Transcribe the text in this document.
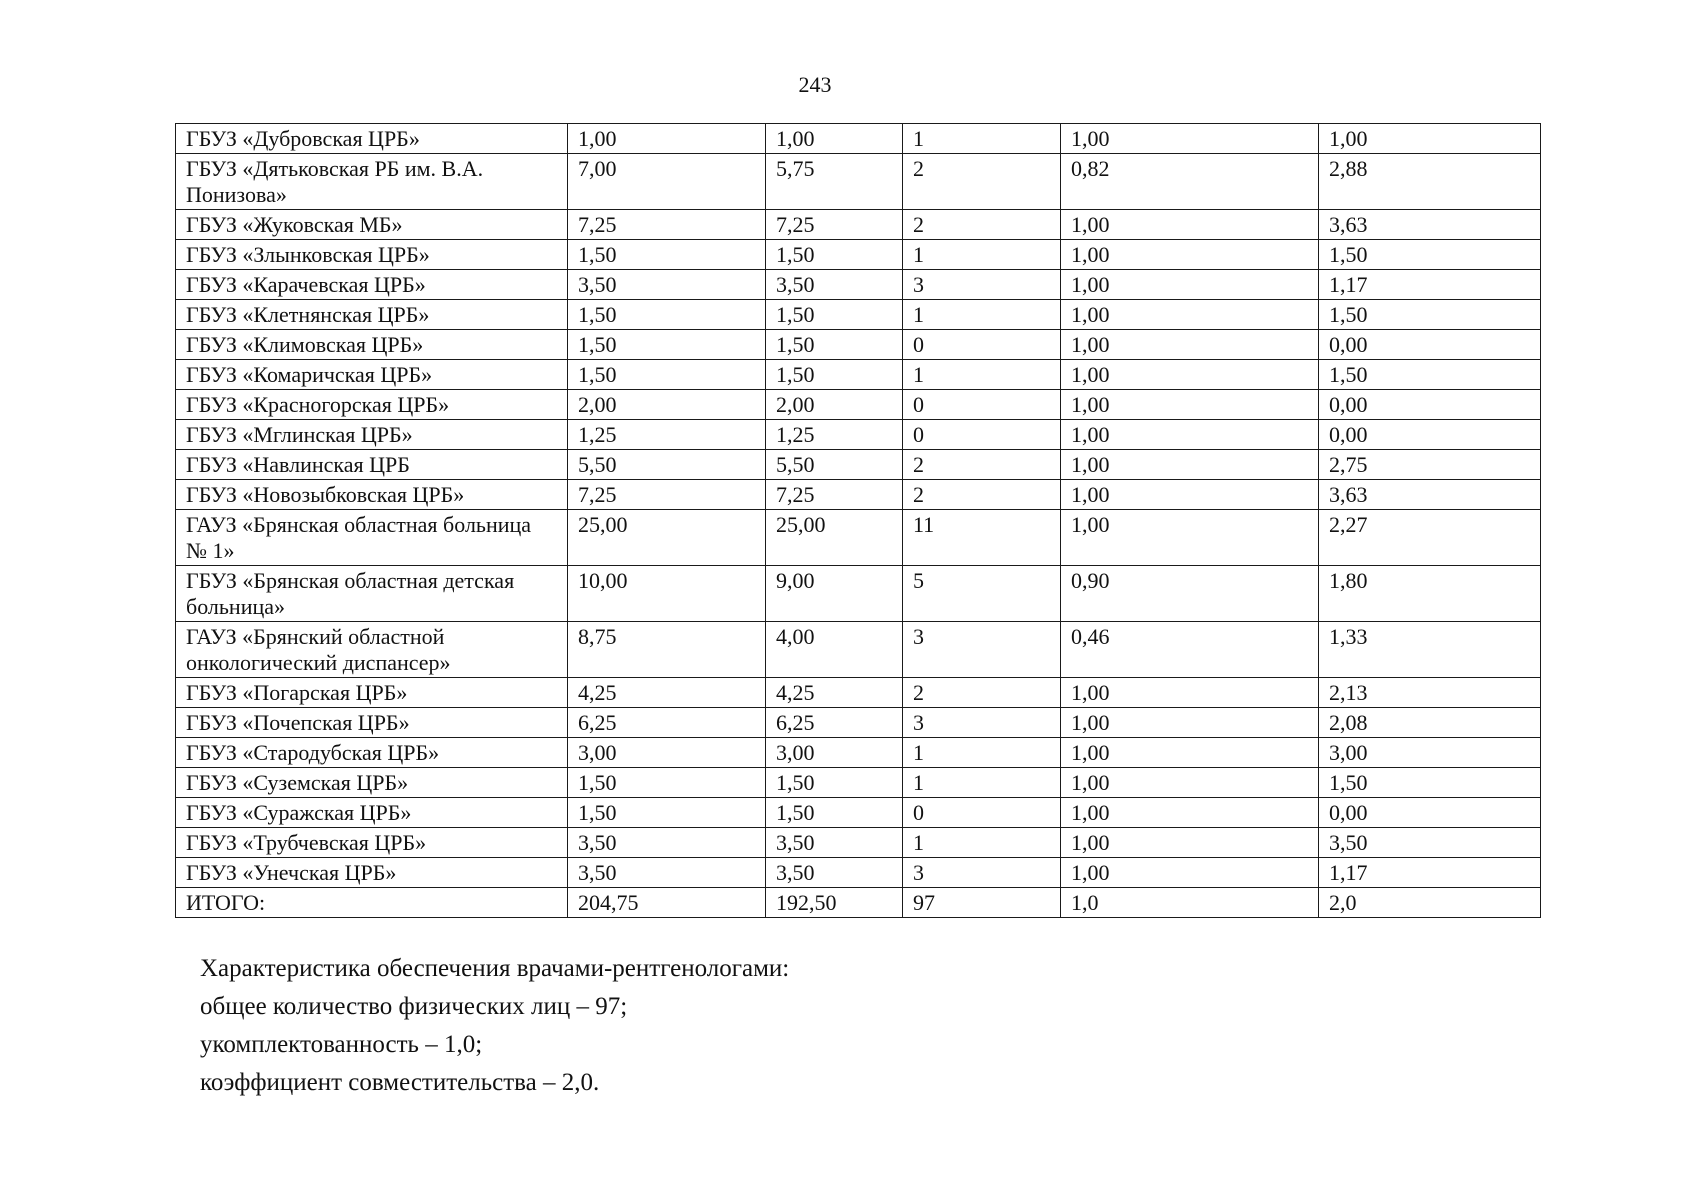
243
ГБУЗ «Дубровская ЦРБ»	1,00	1,00	1	1,00	1,00
ГБУЗ «Дятьковская РБ им. В.А. Понизова»	7,00	5,75	2	0,82	2,88
ГБУЗ «Жуковская МБ»	7,25	7,25	2	1,00	3,63
ГБУЗ «Злынковская ЦРБ»	1,50	1,50	1	1,00	1,50
ГБУЗ «Карачевская ЦРБ»	3,50	3,50	3	1,00	1,17
ГБУЗ «Клетнянская ЦРБ»	1,50	1,50	1	1,00	1,50
ГБУЗ «Климовская ЦРБ»	1,50	1,50	0	1,00	0,00
ГБУЗ «Комаричская ЦРБ»	1,50	1,50	1	1,00	1,50
ГБУЗ «Красногорская ЦРБ»	2,00	2,00	0	1,00	0,00
ГБУЗ «Мглинская ЦРБ»	1,25	1,25	0	1,00	0,00
ГБУЗ «Навлинская ЦРБ	5,50	5,50	2	1,00	2,75
ГБУЗ «Новозыбковская ЦРБ»	7,25	7,25	2	1,00	3,63
ГАУЗ «Брянская областная больница № 1»	25,00	25,00	11	1,00	2,27
ГБУЗ «Брянская областная детская больница»	10,00	9,00	5	0,90	1,80
ГАУЗ «Брянский областной онкологический диспансер»	8,75	4,00	3	0,46	1,33
ГБУЗ «Погарская ЦРБ»	4,25	4,25	2	1,00	2,13
ГБУЗ «Почепская ЦРБ»	6,25	6,25	3	1,00	2,08
ГБУЗ «Стародубская ЦРБ»	3,00	3,00	1	1,00	3,00
ГБУЗ «Суземская ЦРБ»	1,50	1,50	1	1,00	1,50
ГБУЗ «Суражская ЦРБ»	1,50	1,50	0	1,00	0,00
ГБУЗ «Трубчевская ЦРБ»	3,50	3,50	1	1,00	3,50
ГБУЗ «Унечская ЦРБ»	3,50	3,50	3	1,00	1,17
ИТОГО:	204,75	192,50	97	1,0	2,0
Характеристика обеспечения врачами-рентгенологами:
общее количество физических лиц – 97;
укомплектованность – 1,0;
коэффициент совместительства – 2,0.
